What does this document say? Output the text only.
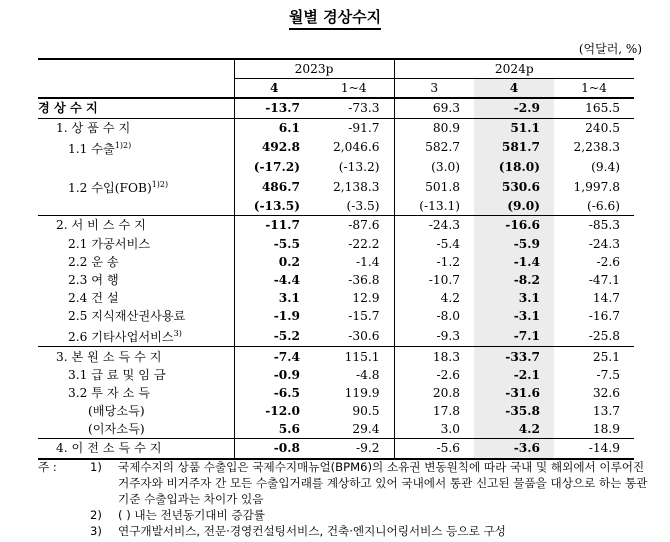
월별 경상수지
(억달러, %)
	2023p		2024p		
	4	1~4	3	4	1~4
경 상 수 지	-13.7	-73.3	69.3	-2.9	165.5
1. 상 품 수 지	6.1	-91.7	80.9	51.1	240.5
1.1 수출$^{1)2)}$	492.8	2,046.6	582.7	581.7	2,238.3
	(-17.2)	(-13.2)	(3.0)	(18.0)	(9.4)
1.2 수입(FOB)$^{1)2)}$	486.7	2,138.3	501.8	530.6	1,997.8
	(-13.5)	(-3.5)	(-13.1)	(9.0)	(-6.6)
2. 서 비 스 수 지	-11.7	-87.6	-24.3	-16.6	-85.3
2.1 가공서비스	-5.5	-22.2	-5.4	-5.9	-24.3
2.2 운 송	0.2	-1.4	-1.2	-1.4	-2.6
2.3 여 행	-4.4	-36.8	-10.7	-8.2	-47.1
2.4 건 설	3.1	12.9	4.2	3.1	14.7
2.5 지식재산권사용료	-1.9	-15.7	-8.0	-3.1	-16.7
2.6 기타사업서비스$^{3)}$	-5.2	-30.6	-9.3	-7.1	-25.8
3. 본 원 소 득 수 지	-7.4	115.1	18.3	-33.7	25.1
3.1 급 료 및 임 금	-0.9	-4.8	-2.6	-2.1	-7.5
3.2 투 자 소 득	-6.5	119.9	20.8	-31.6	32.6
(배당소득)	-12.0	90.5	17.8	-35.8	13.7
(이자소득)	5.6	29.4	3.0	4.2	18.9
4. 이 전 소 득 수 지	-0.8	-9.2	-5.6	-3.6	-14.9
주 :	1)	국제수지의 상품 수출입은 국제수지매뉴얼(BPM6)의 소유권 변동원칙에 따라 국내 및 해외에서 이루어진 거주자와 비거주자 간 모든 수출입거래를 계상하고 있어 국내에서 통관 신고된 물품을 대상으로 하는 통관기준 수출입과는 차이가 있음
2)	( ) 내는 전년동기대비 증감률
3)	연구개발서비스, 전문·경영컨설팅서비스, 건축·엔지니어링서비스 등으로 구성
